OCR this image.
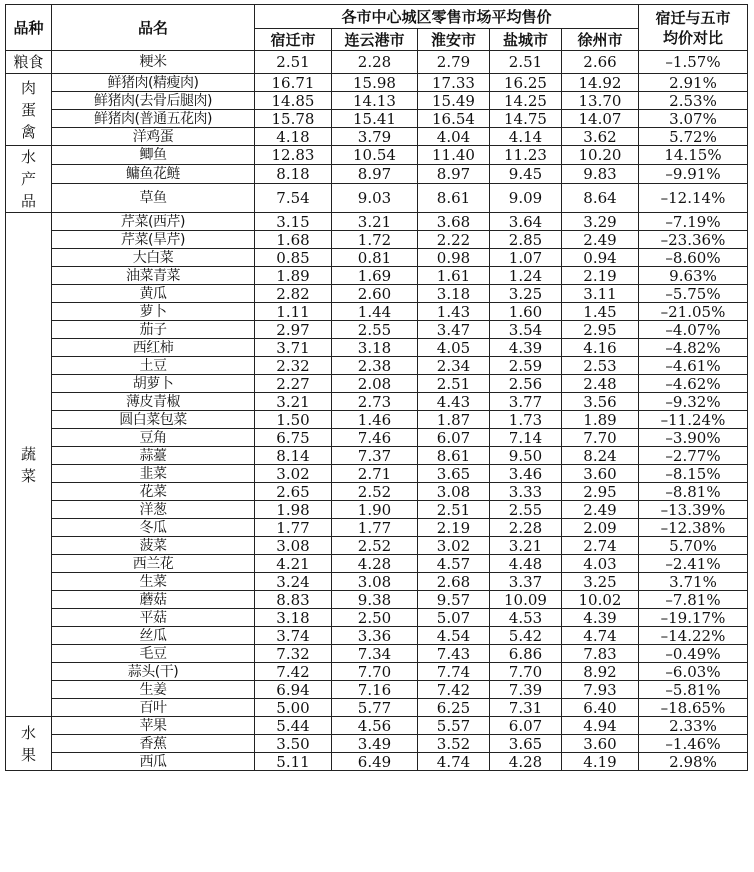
品种	品名	各市中心城区零售市场平均售价					宿迁与五市
均价对比
		宿迁市	连云港市	淮安市	盐城市	徐州市	
粮食	粳米	2.51	2.28	2.79	2.51	2.66	–1.57%

肉
蛋
禽	鲜猪肉(精瘦肉)	16.71	15.98	17.33	16.25	14.92	2.91%
	鲜猪肉(去骨后腿肉)	14.85	14.13	15.49	14.25	13.70	2.53%
	鲜猪肉(普通五花肉)	15.78	15.41	16.54	14.75	14.07	3.07%
	洋鸡蛋	4.18	3.79	4.04	4.14	3.62	5.72%

水
产
品	鲫鱼	12.83	10.54	11.40	11.23	10.20	14.15%
	鳙鱼花鲢	8.18	8.97	8.97	9.45	9.83	–9.91%
	草鱼	7.54	9.03	8.61	9.09	8.64	–12.14%

蔬
菜	芹菜(西芹)	3.15	3.21	3.68	3.64	3.29	–7.19%
	芹菜(旱芹)	1.68	1.72	2.22	2.85	2.49	–23.36%
	大白菜	0.85	0.81	0.98	1.07	0.94	–8.60%
	油菜青菜	1.89	1.69	1.61	1.24	2.19	9.63%
	黄瓜	2.82	2.60	3.18	3.25	3.11	–5.75%
	萝卜	1.11	1.44	1.43	1.60	1.45	–21.05%
	茄子	2.97	2.55	3.47	3.54	2.95	–4.07%
	西红柿	3.71	3.18	4.05	4.39	4.16	–4.82%
	土豆	2.32	2.38	2.34	2.59	2.53	–4.61%
	胡萝卜	2.27	2.08	2.51	2.56	2.48	–4.62%
	薄皮青椒	3.21	2.73	4.43	3.77	3.56	–9.32%
	圆白菜包菜	1.50	1.46	1.87	1.73	1.89	–11.24%
	豆角	6.75	7.46	6.07	7.14	7.70	–3.90%
	蒜薹	8.14	7.37	8.61	9.50	8.24	–2.77%
	韭菜	3.02	2.71	3.65	3.46	3.60	–8.15%
	花菜	2.65	2.52	3.08	3.33	2.95	–8.81%
	洋葱	1.98	1.90	2.51	2.55	2.49	–13.39%
	冬瓜	1.77	1.77	2.19	2.28	2.09	–12.38%
	菠菜	3.08	2.52	3.02	3.21	2.74	5.70%
	西兰花	4.21	4.28	4.57	4.48	4.03	–2.41%
	生菜	3.24	3.08	2.68	3.37	3.25	3.71%
	蘑菇	8.83	9.38	9.57	10.09	10.02	–7.81%
	平菇	3.18	2.50	5.07	4.53	4.39	–19.17%
	丝瓜	3.74	3.36	4.54	5.42	4.74	–14.22%
	毛豆	7.32	7.34	7.43	6.86	7.83	–0.49%
	蒜头(干)	7.42	7.70	7.74	7.70	8.92	–6.03%
	生姜	6.94	7.16	7.42	7.39	7.93	–5.81%
	百叶	5.00	5.77	6.25	7.31	6.40	–18.65%

水
果	苹果	5.44	4.56	5.57	6.07	4.94	2.33%
	香蕉	3.50	3.49	3.52	3.65	3.60	–1.46%
	西瓜	5.11	6.49	4.74	4.28	4.19	2.98%
